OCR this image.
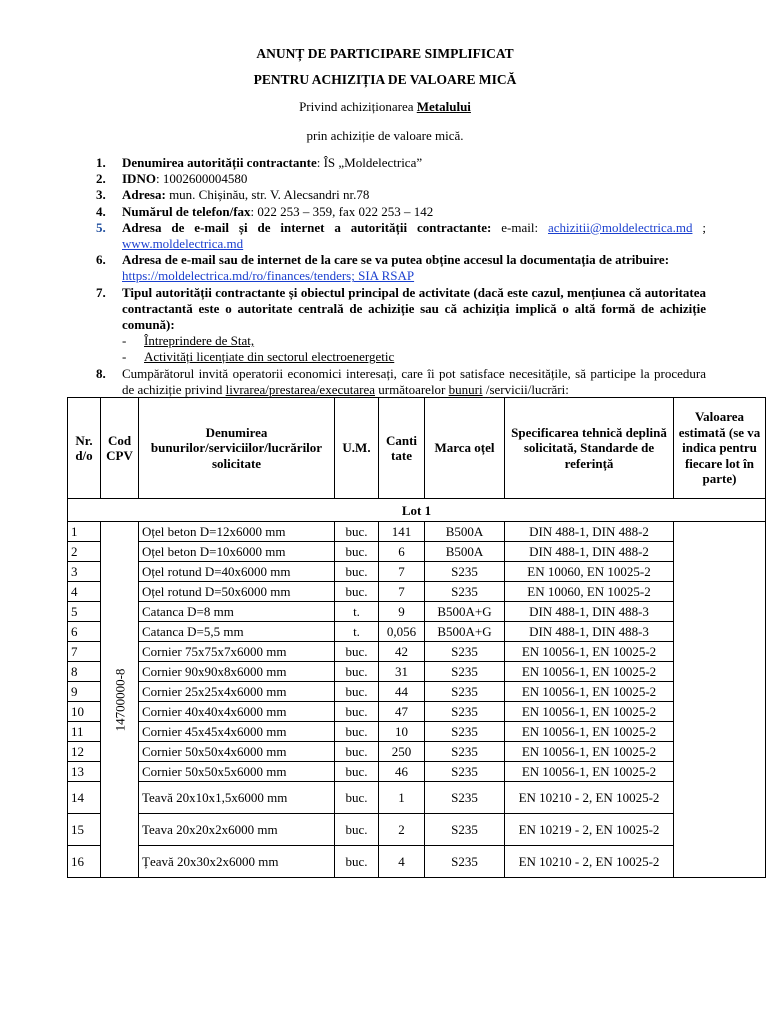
ANUNȚ DE PARTICIPARE SIMPLIFICAT
PENTRU ACHIZIȚIA DE VALOARE MICĂ
Privind achiziționarea Metalului
prin achiziție de valoare mică.
1. Denumirea autorității contractante: ÎS „Moldelectrica”
2. IDNO: 1002600004580
3. Adresa: mun. Chișinău, str. V. Alecsandri nr.78
4. Numărul de telefon/fax: 022 253 – 359, fax 022 253 – 142
5. Adresa de e-mail și de internet a autorității contractante: e-mail: achizitii@moldelectrica.md ; www.moldelectrica.md
6. Adresa de e-mail sau de internet de la care se va putea obține accesul la documentația de atribuire:
https://moldelectrica.md/ro/finances/tenders; SIA RSAP
7. Tipul autorității contractante și obiectul principal de activitate (dacă este cazul, mențiunea că autoritatea contractantă este o autoritate centrală de achiziție sau că achiziția implică o altă formă de achiziție comună):
- Întreprindere de Stat,
- Activități licențiate din sectorul electroenergetic
8. Cumpărătorul invită operatorii economici interesați, care îi pot satisface necesitățile, să participe la procedura de achiziție privind livrarea/prestarea/executarea următoarelor bunuri /servicii/lucrări:
Nr. d/o	Cod CPV	Denumirea bunurilor/serviciilor/lucrărilor solicitate	U.M.	Canti tate	Marca oțel	Specificarea tehnică deplină solicitată, Standarde de referință	Valoarea estimată (se va indica pentru fiecare lot în parte)
Lot 1							
1	14700000-8	Oțel beton D=12x6000 mm	buc.	141	B500A	DIN 488-1, DIN 488-2	
2		Oțel beton D=10x6000 mm	buc.	6	B500A	DIN 488-1, DIN 488-2	
3		Oțel rotund D=40x6000 mm	buc.	7	S235	EN 10060, EN 10025-2	
4		Oțel rotund D=50x6000 mm	buc.	7	S235	EN 10060, EN 10025-2	
5		Catanca D=8 mm	t.	9	B500A+G	DIN 488-1, DIN 488-3	
6		Catanca D=5,5 mm	t.	0,056	B500A+G	DIN 488-1, DIN 488-3	
7		Cornier 75x75x7x6000 mm	buc.	42	S235	EN 10056-1, EN 10025-2	
8		Cornier 90x90x8x6000 mm	buc.	31	S235	EN 10056-1, EN 10025-2	
9		Cornier 25x25x4x6000 mm	buc.	44	S235	EN 10056-1, EN 10025-2	
10		Cornier 40x40x4x6000 mm	buc.	47	S235	EN 10056-1, EN 10025-2	
11		Cornier 45x45x4x6000 mm	buc.	10	S235	EN 10056-1, EN 10025-2	
12		Cornier 50x50x4x6000 mm	buc.	250	S235	EN 10056-1, EN 10025-2	
13		Cornier 50x50x5x6000 mm	buc.	46	S235	EN 10056-1, EN 10025-2	
14		Teavă 20x10x1,5x6000 mm	buc.	1	S235	EN 10210 - 2, EN 10025-2	
15		Teava 20x20x2x6000 mm	buc.	2	S235	EN 10219 - 2, EN 10025-2	
16		Țeavă 20x30x2x6000 mm	buc.	4	S235	EN 10210 - 2, EN 10025-2	
